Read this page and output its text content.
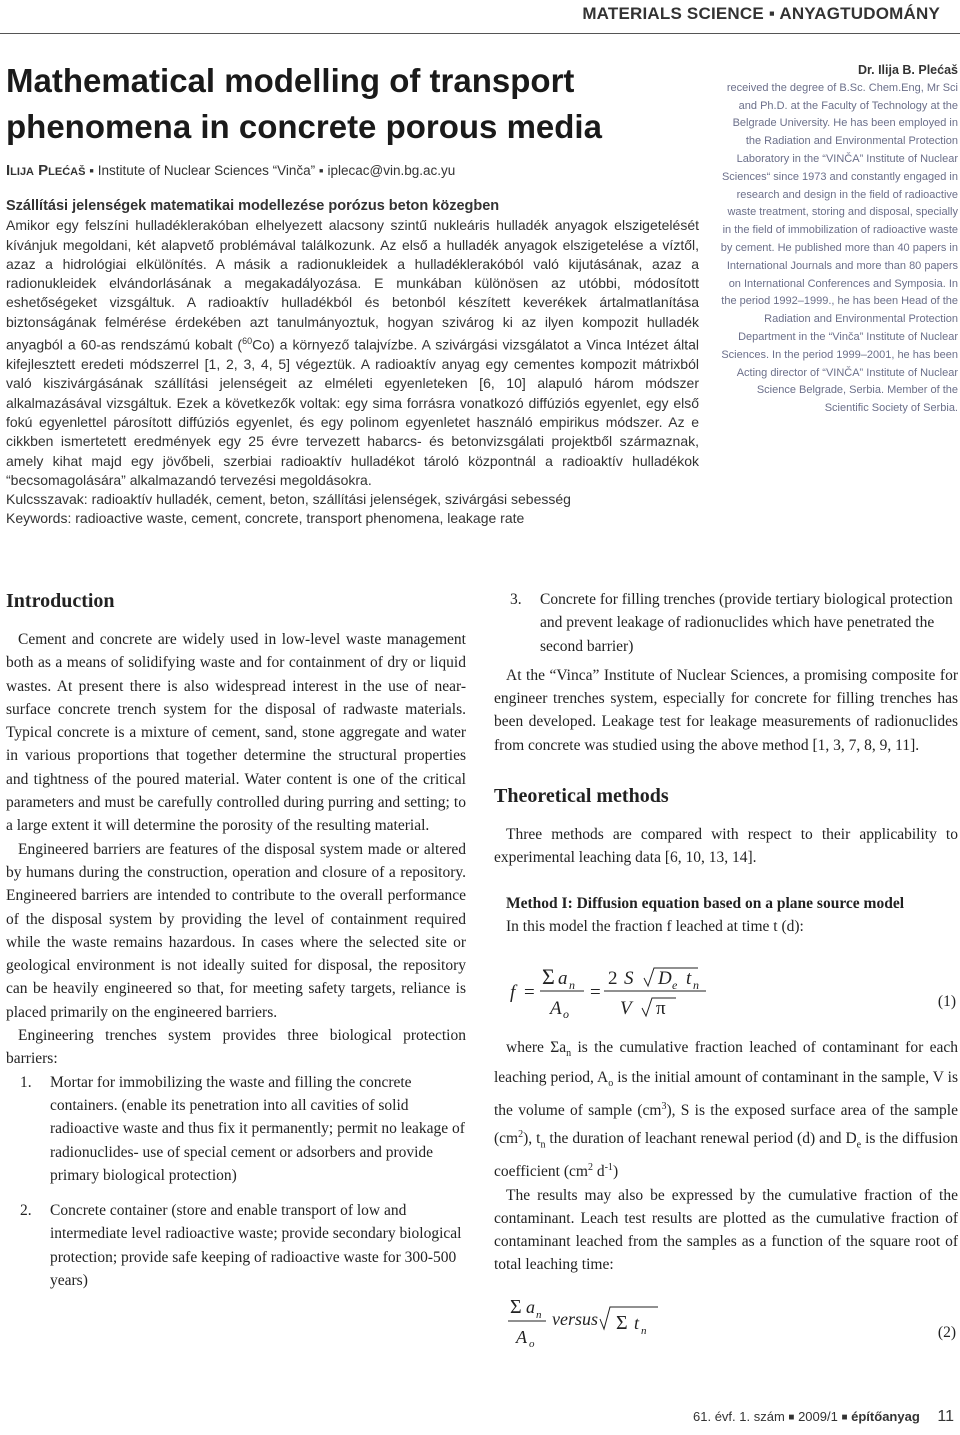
MATERIALS SCIENCE ▪ ANYAGTUDOMÁNY
Mathematical modelling of transport phenomena in concrete porous media
Ilija Plećaš ▪ Institute of Nuclear Sciences “Vinča” ▪ iplecac@vin.bg.ac.yu
Szállítási jelenségek matematikai modellezése porózus beton közegben

Amikor egy felszíni hulladéklerakóban elhelyezett alacsony szintű nukleáris hulladék anyagok elszigetelését kívánjuk megoldani, két alapvető problémával találkozunk. Az első a hulladék anyagok elszigetelése a víztől, azaz a hidrológiai elkülönítés. A másik a radionukleidek a hulladéklerakóból való kijutásának, azaz a radionukleidek elvándorlásának a megakadályozása. E munkában különösen az utóbbi, módosított eshetőségeket vizsgáltuk. A radioaktív hulladékból és betonból készített keverékek ártalmatlanítása biztonságának felmérése érdekében azt tanulmányoztuk, hogyan szivárog ki az ilyen kompozit hulladék anyagból a 60-as rendszámú kobalt ($^{60}$Co) a környező talajvízbe. A szivárgási vizsgálatot a Vinca Intézet által kifejlesztett eredeti módszerrel [1, 2, 3, 4, 5] végeztük. A radioaktív anyag egy cementes kompozit mátrixból való kiszivárgásának szállítási jelenségeit az elméleti egyenleteken [6, 10] alapuló három módszer alkalmazásával vizsgáltuk. Ezek a következők voltak: egy sima forrásra vonatkozó diffúziós egyenlet, egy első fokú egyenlettel párosított diffúziós egyenlet, és egy polinom egyenletet használó empirikus módszer. Az e cikkben ismertetett eredmények egy 25 évre tervezett habarcs- és betonvizsgálati projektből származnak, amely kihat majd egy jövőbeli, szerbiai radioaktív hulladékot tároló központnál a radioaktív hulladékok “becsomagolására” alkalmazandó tervezési megoldásokra.

Kulcsszavak: radioaktív hulladék, cement, beton, szállítási jelenségek, szivárgási sebesség
Keywords: radioactive waste, cement, concrete, transport phenomena, leakage rate
Dr. Ilija B. Plećaš
received the degree of B.Sc. Chem.Eng, Mr Sci and Ph.D. at the Faculty of Technology at the Belgrade University. He has been employed in the Radiation and Environmental Protection Laboratory in the “VINČA” Institute of Nuclear Sciences“ since 1973 and constantly engaged in research and design in the field of radioactive waste treatment, storing and disposal, specially in the field of immobilization of radioactive waste by cement. He published more than 40 papers in International Journals and more than 80 papers on International Conferences and Symposia. In the period 1992–1999., he has been Head of the Radiation and Environmental Protection Department in the “Vinča” Institute of Nuclear Sciences. In the period 1999–2001, he has been Acting director of “VINČA” Institute of Nuclear Science Belgrade, Serbia. Member of the Scientific Society of Serbia.
Introduction

Cement and concrete are widely used in low-level waste management both as a means of solidifying waste and for containment of dry or liquid wastes. At present there is also widespread interest in the use of near-surface concrete trench system for the disposal of radwaste materials. Typical concrete is a mixture of cement, sand, stone aggregate and water in various proportions that together determine the structural properties and tightness of the poured material. Water content is one of the critical parameters and must be carefully controlled during purring and setting; to a large extent it will determine the porosity of the resulting material.

Engineered barriers are features of the disposal system made or altered by humans during the construction, operation and closure of a repository. Engineered barriers are intended to contribute to the overall performance of the disposal system by providing the level of containment required while the waste remains hazardous. In cases where the selected site or geological environment is not ideally suited for disposal, the repository can be heavily engineered so that, for meeting safety targets, reliance is placed primarily on the engineered barriers.

Engineering trenches system provides three biological protection barriers:

1. Mortar for immobilizing the waste and filling the concrete containers. (enable its penetration into all cavities of solid radioactive waste and thus fix it permanently; permit no leakage of radionuclides- use of special cement or adsorbers and provide primary biological protection)
2. Concrete container (store and enable transport of low and intermediate level radioactive waste; provide secondary biological protection; provide safe keeping of radioactive waste for 300-500 years)
3. Concrete for filling trenches (provide tertiary biological protection and prevent leakage of radionuclides which have penetrated the second barrier)

At the “Vinca” Institute of Nuclear Sciences, a promising composite for engineer trenches system, especially for concrete for filling trenches has been developed. Leakage test for leakage measurements of radionuclides from concrete was studied using the above method [1, 3, 7, 8, 9, 11].

Theoretical methods

Three methods are compared with respect to their applicability to experimental leaching data [6, 10, 13, 14].

Method I: Diffusion equation based on a plane source model

In this model the fraction f leached at time t (d):

f =
Σ a n
A o
=
2 S D e t n
V π	(1)

where $\Sigma a_n$ is the cumulative fraction leached of contaminant for each leaching period, $A_o$ is the initial amount of contaminant in the sample, V is the volume of sample $(cm^3)$, S is the exposed surface area of the sample $(cm^2)$, $t_n$ the duration of leachant renewal period (d) and $D_e$ is the diffusion coefficient ($cm^2$ $d^{-1}$)

The results may also be expressed by the cumulative fraction of the contaminant. Leach test results are plotted as the cumulative fraction of contaminant leached from the samples as a function of the square root of total leaching time:

Σ a n
A o
versus Σ t n	(2)
61. évf. 1. szám ■ 2009/1 ■ építőanyag 11
